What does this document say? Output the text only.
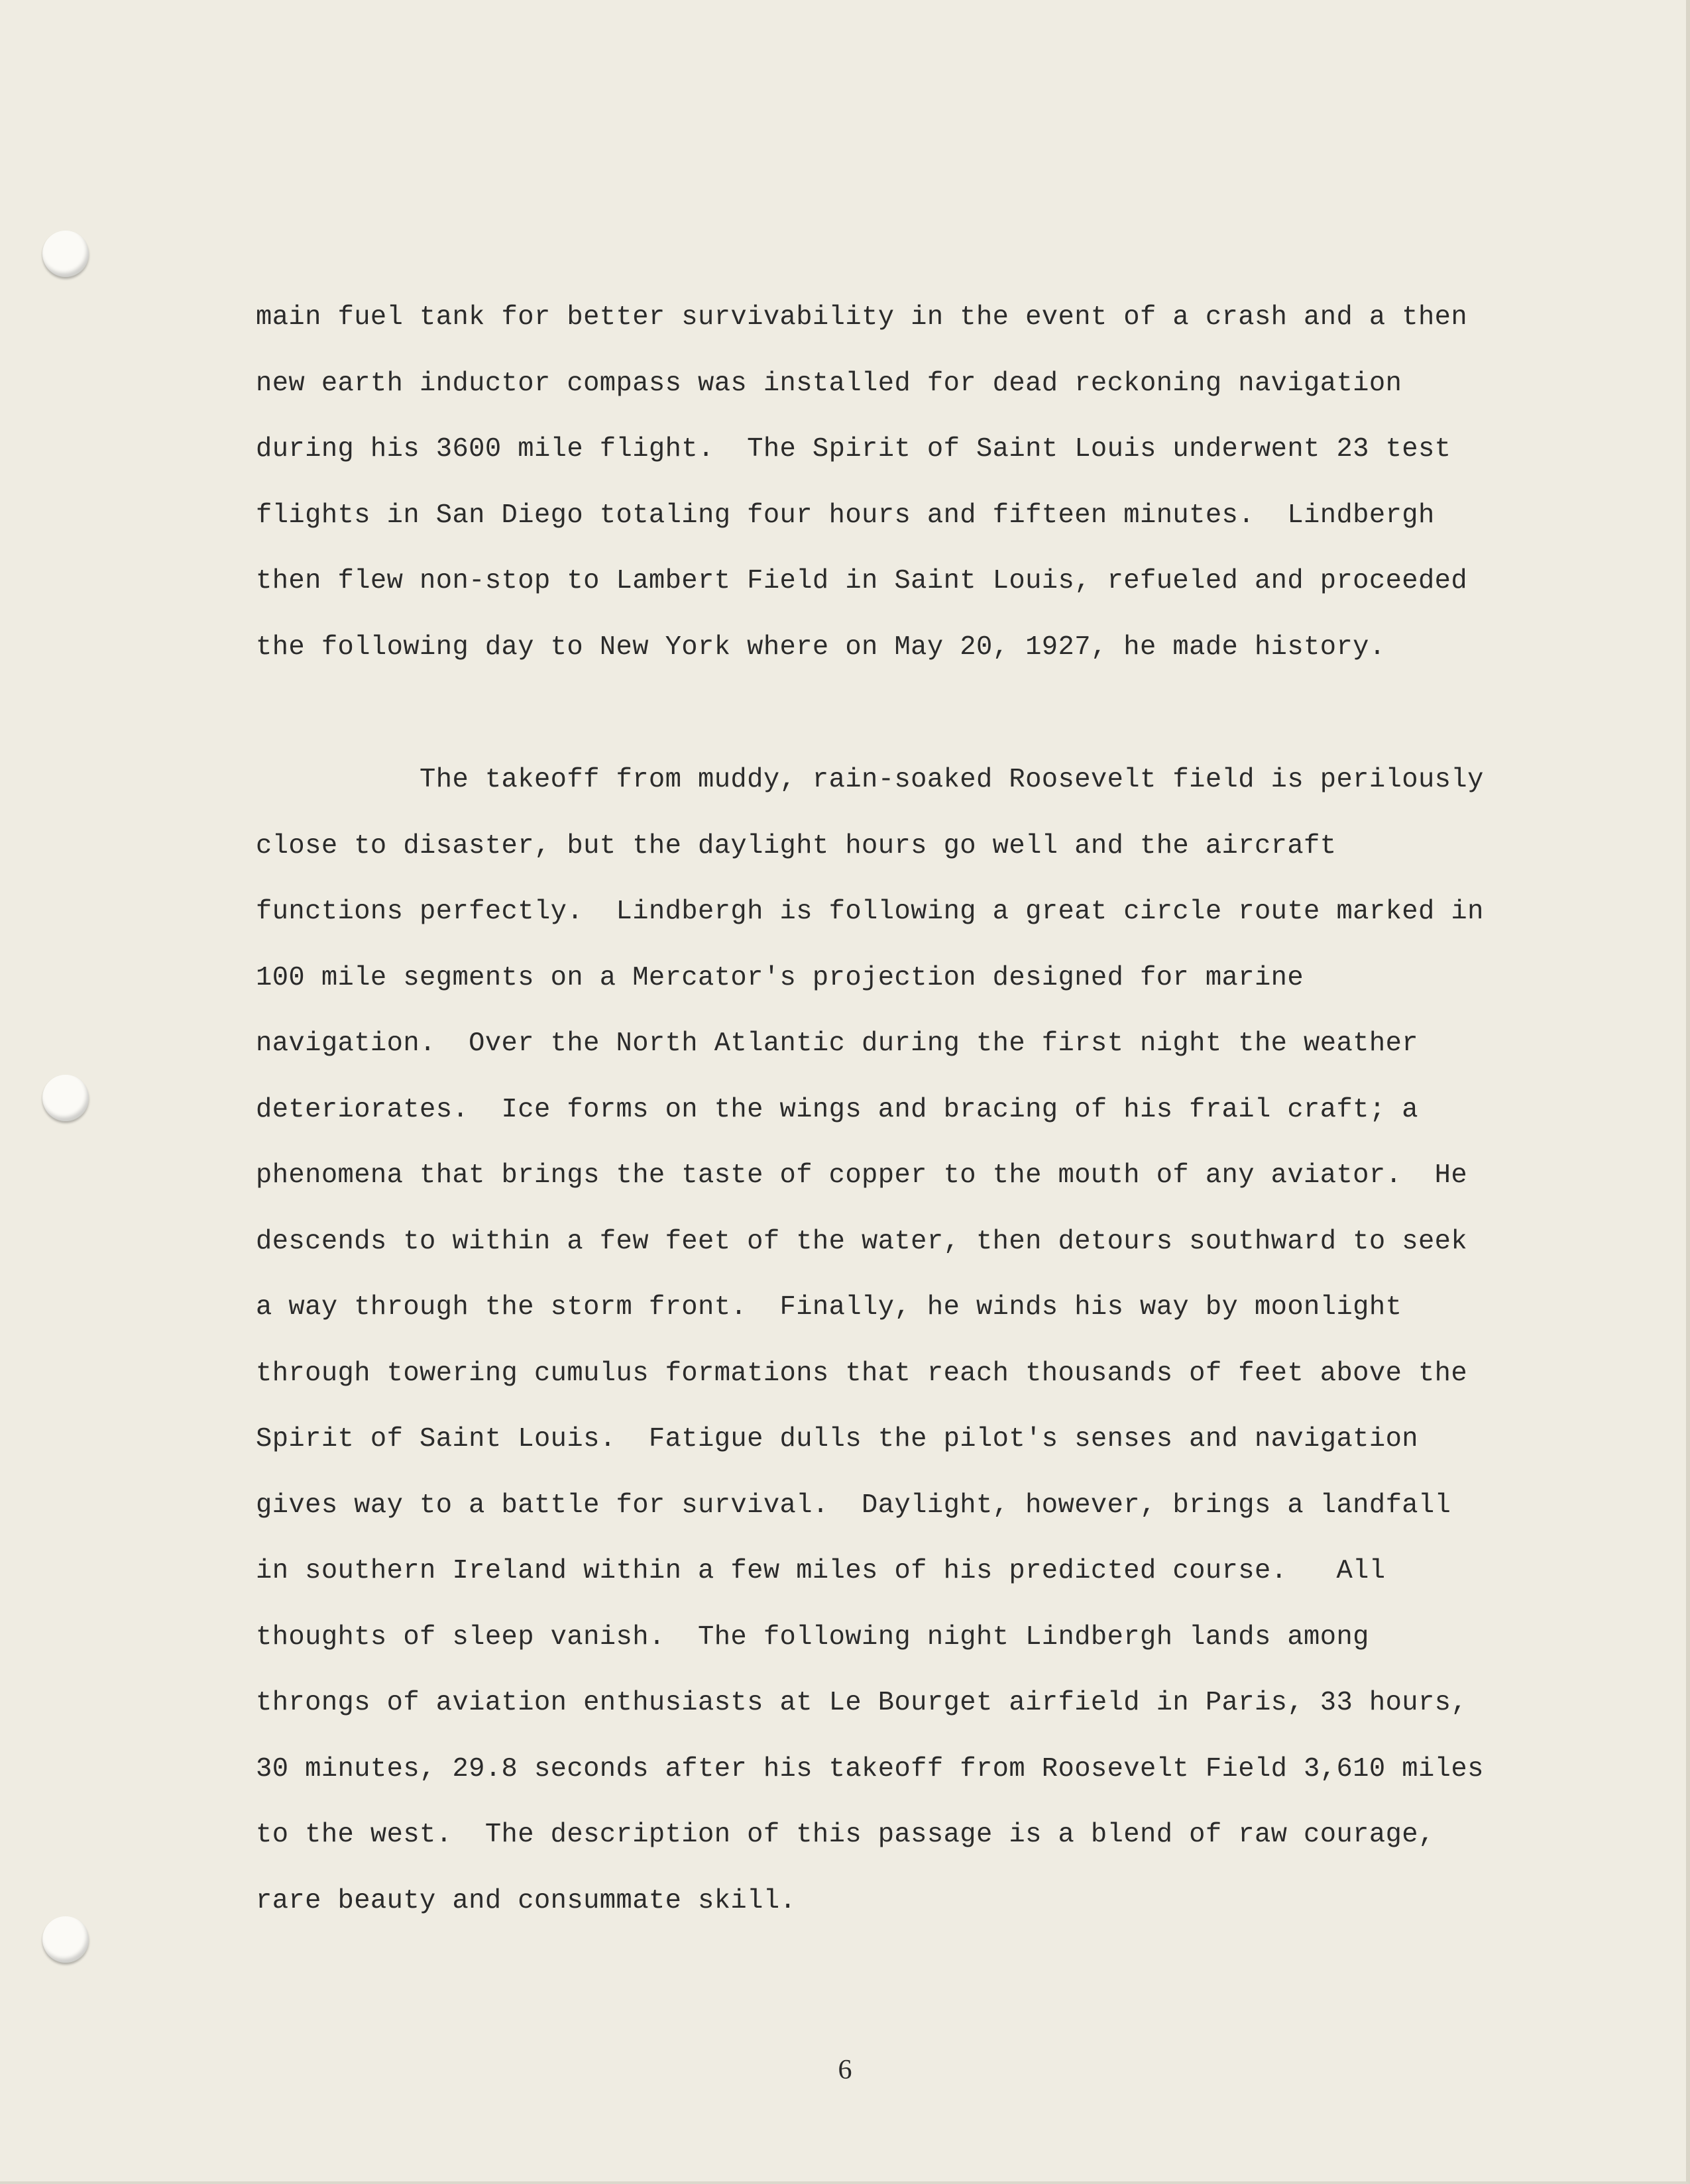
main fuel tank for better survivability in the event of a crash and a then
new earth inductor compass was installed for dead reckoning navigation
during his 3600 mile flight.  The Spirit of Saint Louis underwent 23 test
flights in San Diego totaling four hours and fifteen minutes.  Lindbergh
then flew non-stop to Lambert Field in Saint Louis, refueled and proceeded
the following day to New York where on May 20, 1927, he made history.
The takeoff from muddy, rain-soaked Roosevelt field is perilously
close to disaster, but the daylight hours go well and the aircraft
functions perfectly.  Lindbergh is following a great circle route marked in
100 mile segments on a Mercator's projection designed for marine
navigation.  Over the North Atlantic during the first night the weather
deteriorates.  Ice forms on the wings and bracing of his frail craft; a
phenomena that brings the taste of copper to the mouth of any aviator.  He
descends to within a few feet of the water, then detours southward to seek
a way through the storm front.  Finally, he winds his way by moonlight
through towering cumulus formations that reach thousands of feet above the
Spirit of Saint Louis.  Fatigue dulls the pilot's senses and navigation
gives way to a battle for survival.  Daylight, however, brings a landfall
in southern Ireland within a few miles of his predicted course.   All
thoughts of sleep vanish.  The following night Lindbergh lands among
throngs of aviation enthusiasts at Le Bourget airfield in Paris, 33 hours,
30 minutes, 29.8 seconds after his takeoff from Roosevelt Field 3,610 miles
to the west.  The description of this passage is a blend of raw courage,
rare beauty and consummate skill.
6
